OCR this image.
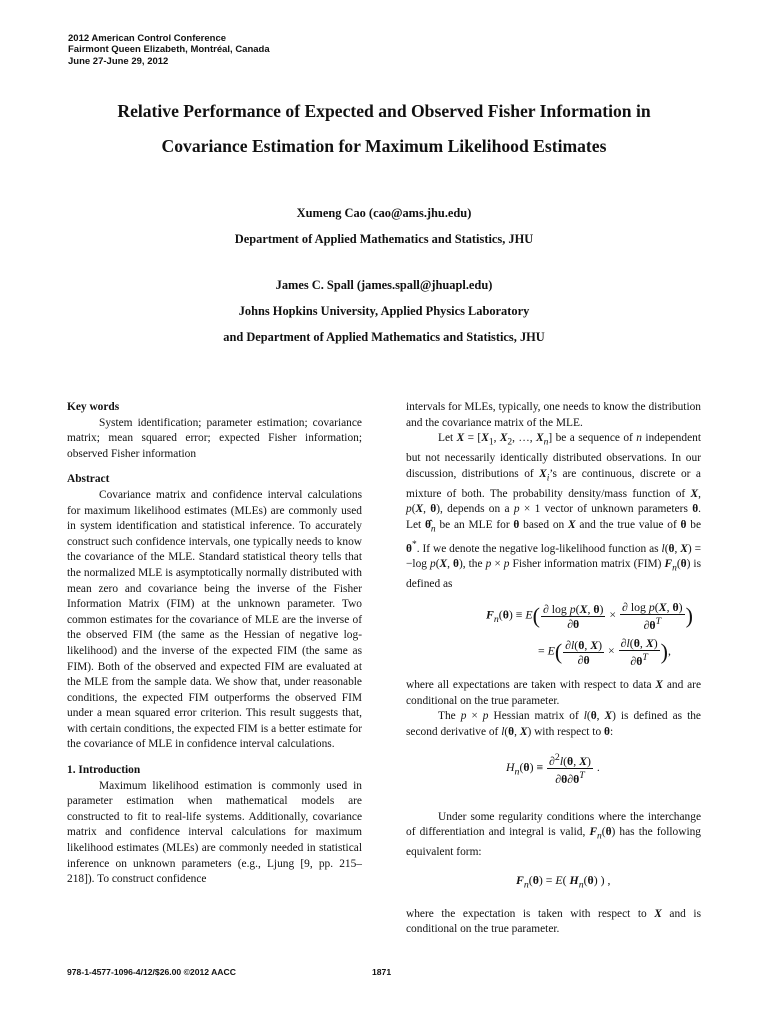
2012 American Control Conference
Fairmont Queen Elizabeth, Montréal, Canada
June 27-June 29, 2012
Relative Performance of Expected and Observed Fisher Information in
Covariance Estimation for Maximum Likelihood Estimates
Xumeng Cao (cao@ams.jhu.edu)
Department of Applied Mathematics and Statistics, JHU
James C. Spall (james.spall@jhuapl.edu)
Johns Hopkins University, Applied Physics Laboratory
and Department of Applied Mathematics and Statistics, JHU

Key words

System identification; parameter estimation; covariance matrix; mean squared error; expected Fisher information; observed Fisher information

Abstract

Covariance matrix and confidence interval calculations for maximum likelihood estimates (MLEs) are commonly used in system identification and statistical inference. To accurately construct such confidence intervals, one typically needs to know the covariance of the MLE. Standard statistical theory tells that the normalized MLE is asymptotically normally distributed with mean zero and covariance being the inverse of the Fisher Information Matrix (FIM) at the unknown parameter. Two common estimates for the covariance of MLE are the inverse of the observed FIM (the same as the Hessian of negative log-likelihood) and the inverse of the expected FIM (the same as FIM). Both of the observed and expected FIM are evaluated at the MLE from the sample data. We show that, under reasonable conditions, the expected FIM outperforms the observed FIM under a mean squared error criterion. This result suggests that, with certain conditions, the expected FIM is a better estimate for the covariance of MLE in confidence interval calculations.

1. Introduction

Maximum likelihood estimation is commonly used in parameter estimation when mathematical models are constructed to fit to real-life systems. Additionally, covariance matrix and confidence interval calculations for maximum likelihood estimates (MLEs) are commonly needed in statistical inference on unknown parameters (e.g., Ljung [9, pp. 215–218]). To construct confidence

intervals for MLEs, typically, one needs to know the distribution and the covariance matrix of the MLE.

Let $X = [X_1$, $X_2$, …, $X_n$] be a sequence of n independent but not necessarily identically distributed observations. In our discussion, distributions of $X_i’s$ are continuous, discrete or a mixture of both. The probability density/mass function of X, p(X, θ), depends on a p × 1 vector of unknown parameters θ. Let $\thetâ_n$ be an MLE for θ based on X and the true value of θ be θ*. If we denote the negative log-likelihood function as l(θ, X) = −log p(X, θ), the p × p Fisher information matrix (FIM) $F_n(\theta)$ is defined as

$F_n(\theta) \equiv E( \frac{\text{∂ log p(X, θ)}}{\partial\theta} \times \frac{\text{∂ log p(X, θ)}}{\partial\theta^T}$ )
= $E( \frac{\partial l(\theta, X)}{\partial\theta} \times \frac{\partial l(\theta, X)}{\partial\theta^T}$ ),

where all expectations are taken with respect to data X and are conditional on the true parameter.

The p × p Hessian matrix of l(θ, X) is defined as the second derivative of l(θ, X) with respect to θ:

$H_n(\theta) \equiv \frac{\partial^2l(\theta, X)}{\partial\theta\partial\theta^T}$ .

Under some regularity conditions where the interchange of differentiation and integral is valid, $F_n(\theta)$ has the following equivalent form:

$F_n(\theta) = E$( $H_n(\theta)$ ) ,

where the expectation is taken with respect to X and is conditional on the true parameter.

978-1-4577-1096-4/12/$26.00 ©2012 AACC	1871
